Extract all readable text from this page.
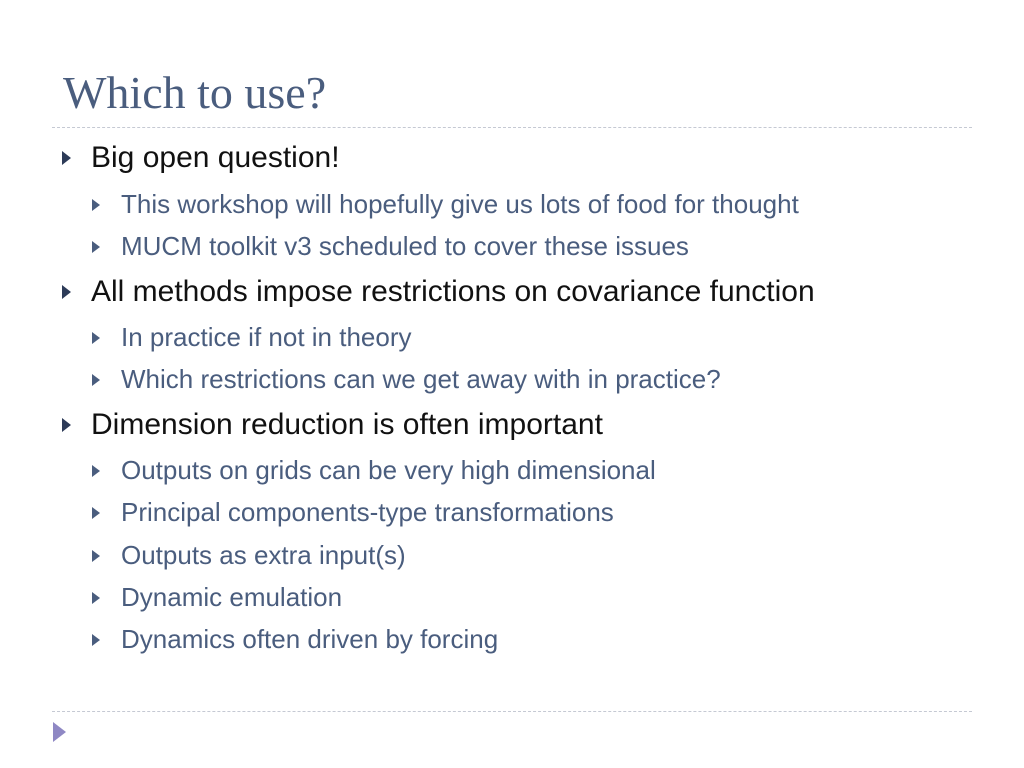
Which to use?
Big open question!
This workshop will hopefully give us lots of food for thought
MUCM toolkit v3 scheduled to cover these issues
All methods impose restrictions on covariance function
In practice if not in theory
Which restrictions can we get away with in practice?
Dimension reduction is often important
Outputs on grids can be very high dimensional
Principal components-type transformations
Outputs as extra input(s)
Dynamic emulation
Dynamics often driven by forcing
